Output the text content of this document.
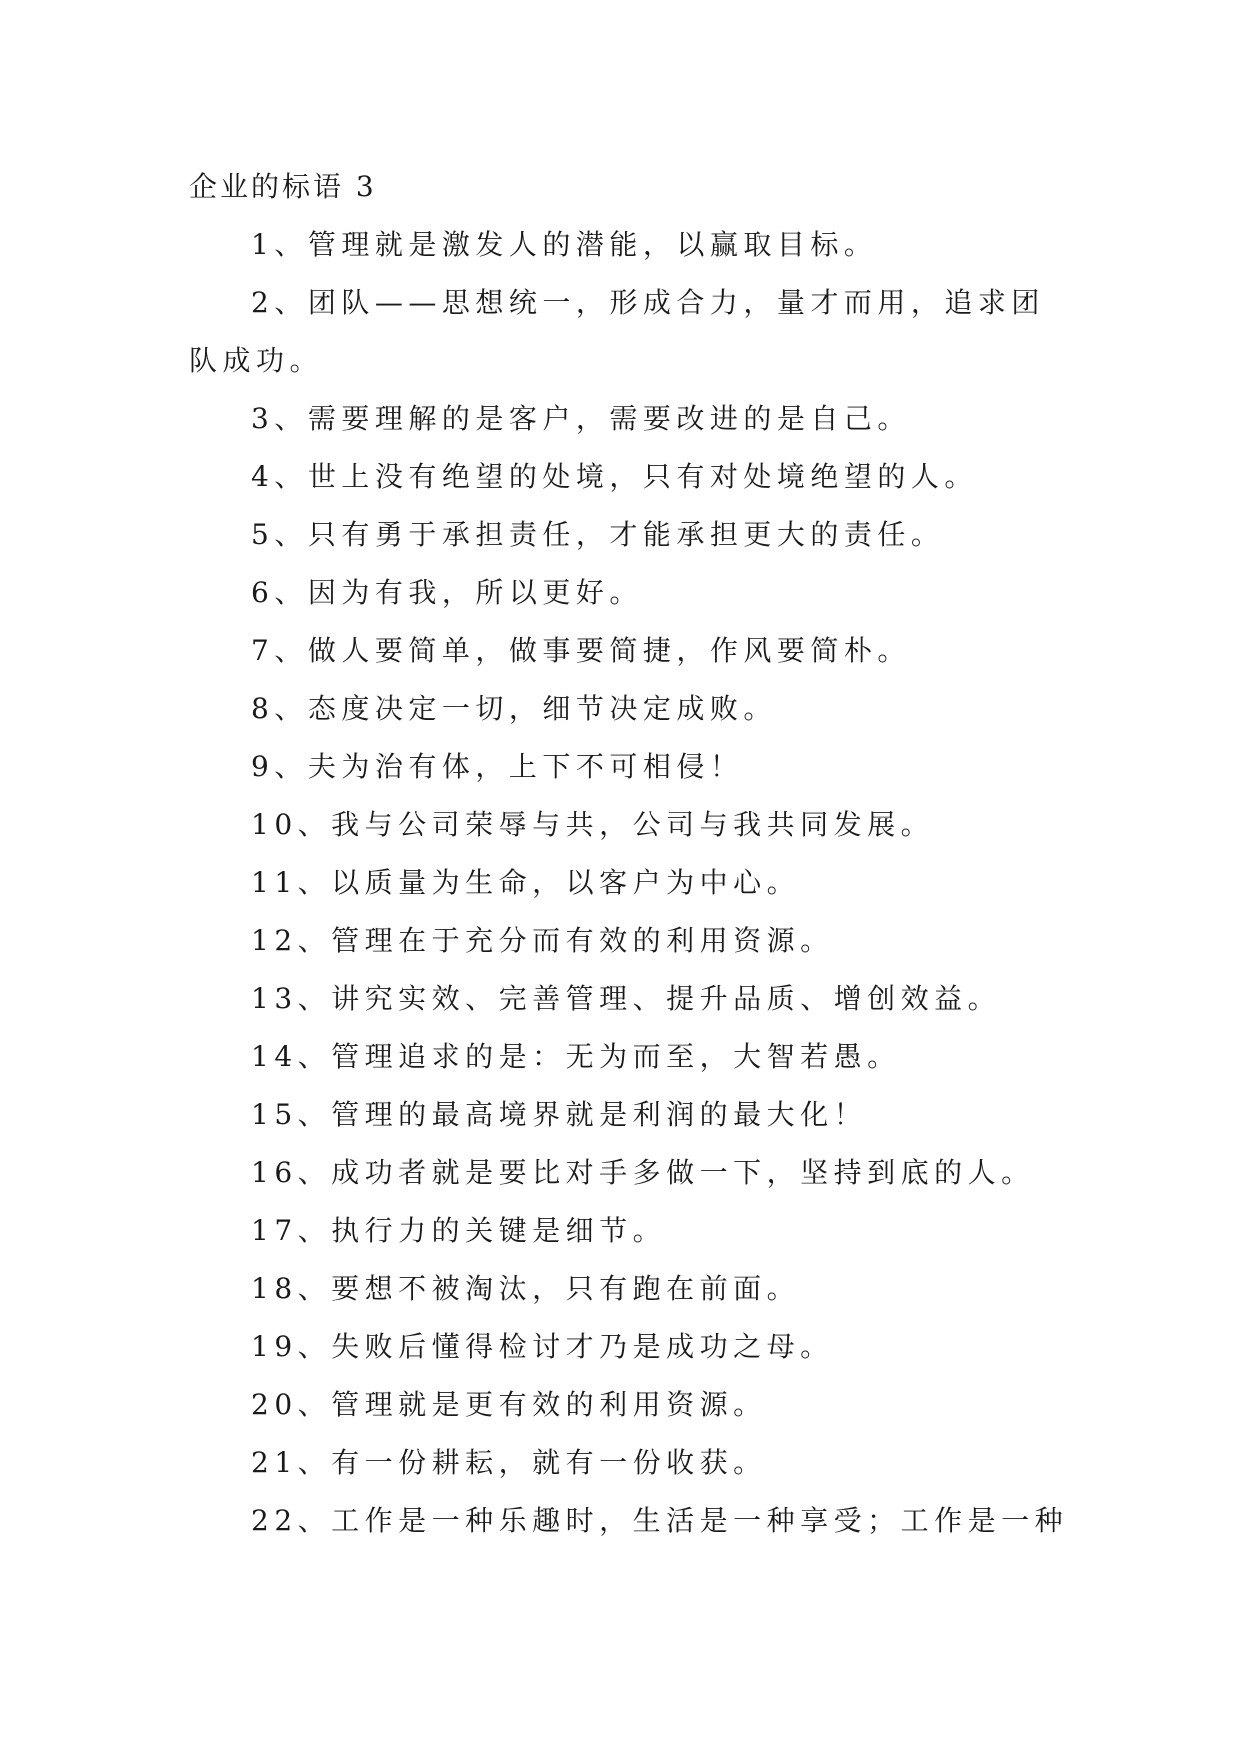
企业的标语 3
1、管理就是激发人的潜能，以赢取目标。
2、团队——思想统一，形成合力，量才而用，追求团队成功。
3、需要理解的是客户，需要改进的是自己。
4、世上没有绝望的处境，只有对处境绝望的人。
5、只有勇于承担责任，才能承担更大的责任。
6、因为有我，所以更好。
7、做人要简单，做事要简捷，作风要简朴。
8、态度决定一切，细节决定成败。
9、夫为治有体，上下不可相侵！
10、我与公司荣辱与共，公司与我共同发展。
11、以质量为生命，以客户为中心。
12、管理在于充分而有效的利用资源。
13、讲究实效、完善管理、提升品质、增创效益。
14、管理追求的是：无为而至，大智若愚。
15、管理的最高境界就是利润的最大化！
16、成功者就是要比对手多做一下，坚持到底的人。
17、执行力的关键是细节。
18、要想不被淘汰，只有跑在前面。
19、失败后懂得检讨才乃是成功之母。
20、管理就是更有效的利用资源。
21、有一份耕耘，就有一份收获。
22、工作是一种乐趣时，生活是一种享受；工作是一种
